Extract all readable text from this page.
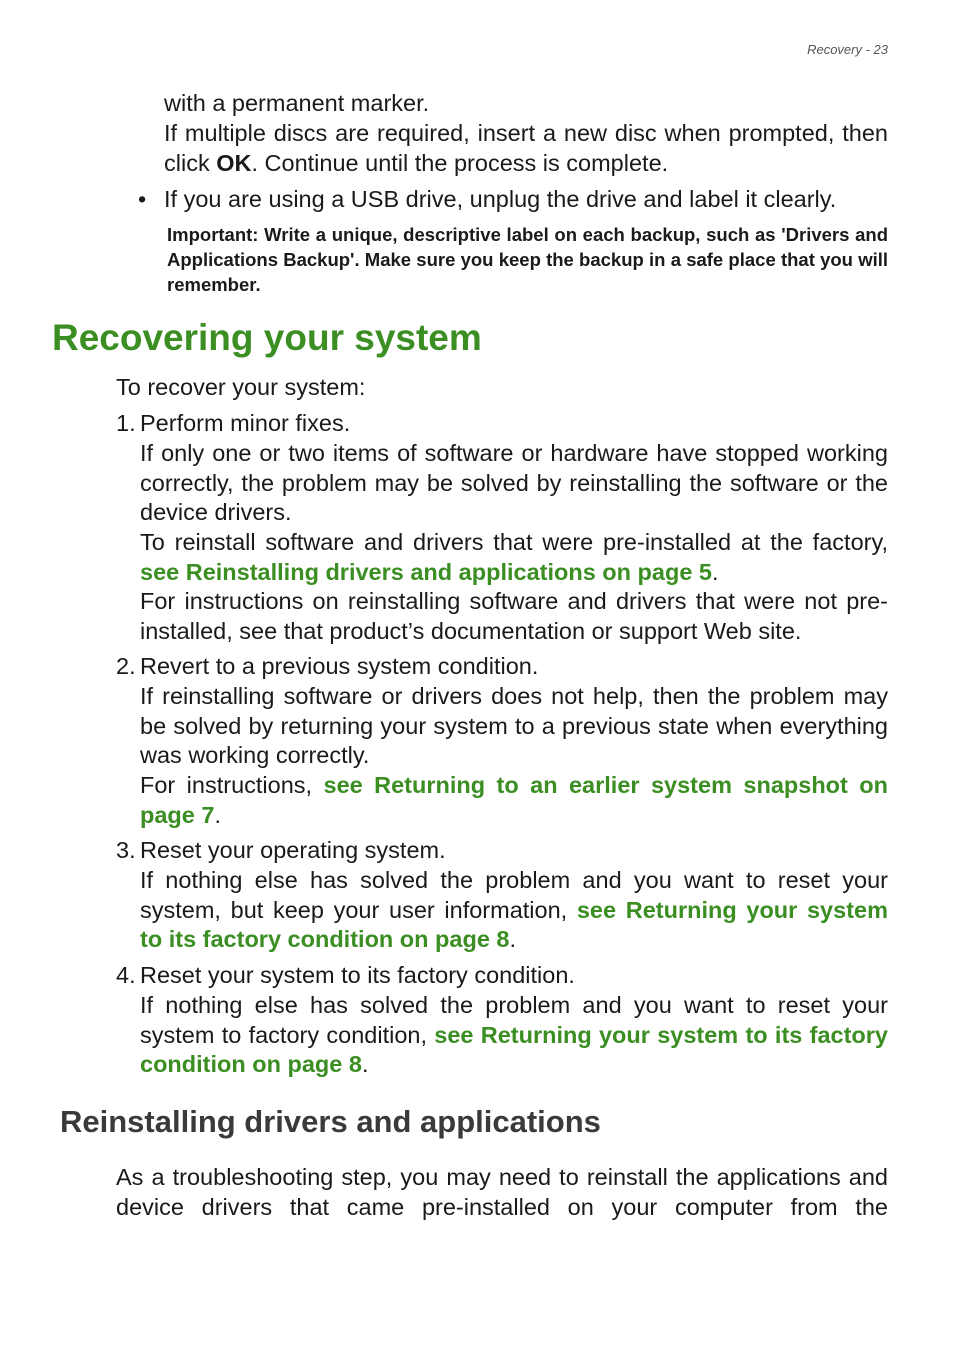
Recovery - 23
with a permanent marker.
If multiple discs are required, insert a new disc when prompted, then click OK. Continue until the process is complete.
• If you are using a USB drive, unplug the drive and label it clearly.
Important: Write a unique, descriptive label on each backup, such as 'Drivers and Applications Backup'. Make sure you keep the backup in a safe place that you will remember.
Recovering your system
To recover your system:
1. Perform minor fixes.
If only one or two items of software or hardware have stopped working correctly, the problem may be solved by reinstalling the software or the device drivers.
To reinstall software and drivers that were pre-installed at the factory, see Reinstalling drivers and applications on page 5.
For instructions on reinstalling software and drivers that were not pre-installed, see that product’s documentation or support Web site.
2. Revert to a previous system condition.
If reinstalling software or drivers does not help, then the problem may be solved by returning your system to a previous state when everything was working correctly.
For instructions, see Returning to an earlier system snapshot on page 7.
3. Reset your operating system.
If nothing else has solved the problem and you want to reset your system, but keep your user information, see Returning your system to its factory condition on page 8.
4. Reset your system to its factory condition.
If nothing else has solved the problem and you want to reset your system to factory condition, see Returning your system to its factory condition on page 8.
Reinstalling drivers and applications
As a troubleshooting step, you may need to reinstall the applications and device drivers that came pre-installed on your computer from the
